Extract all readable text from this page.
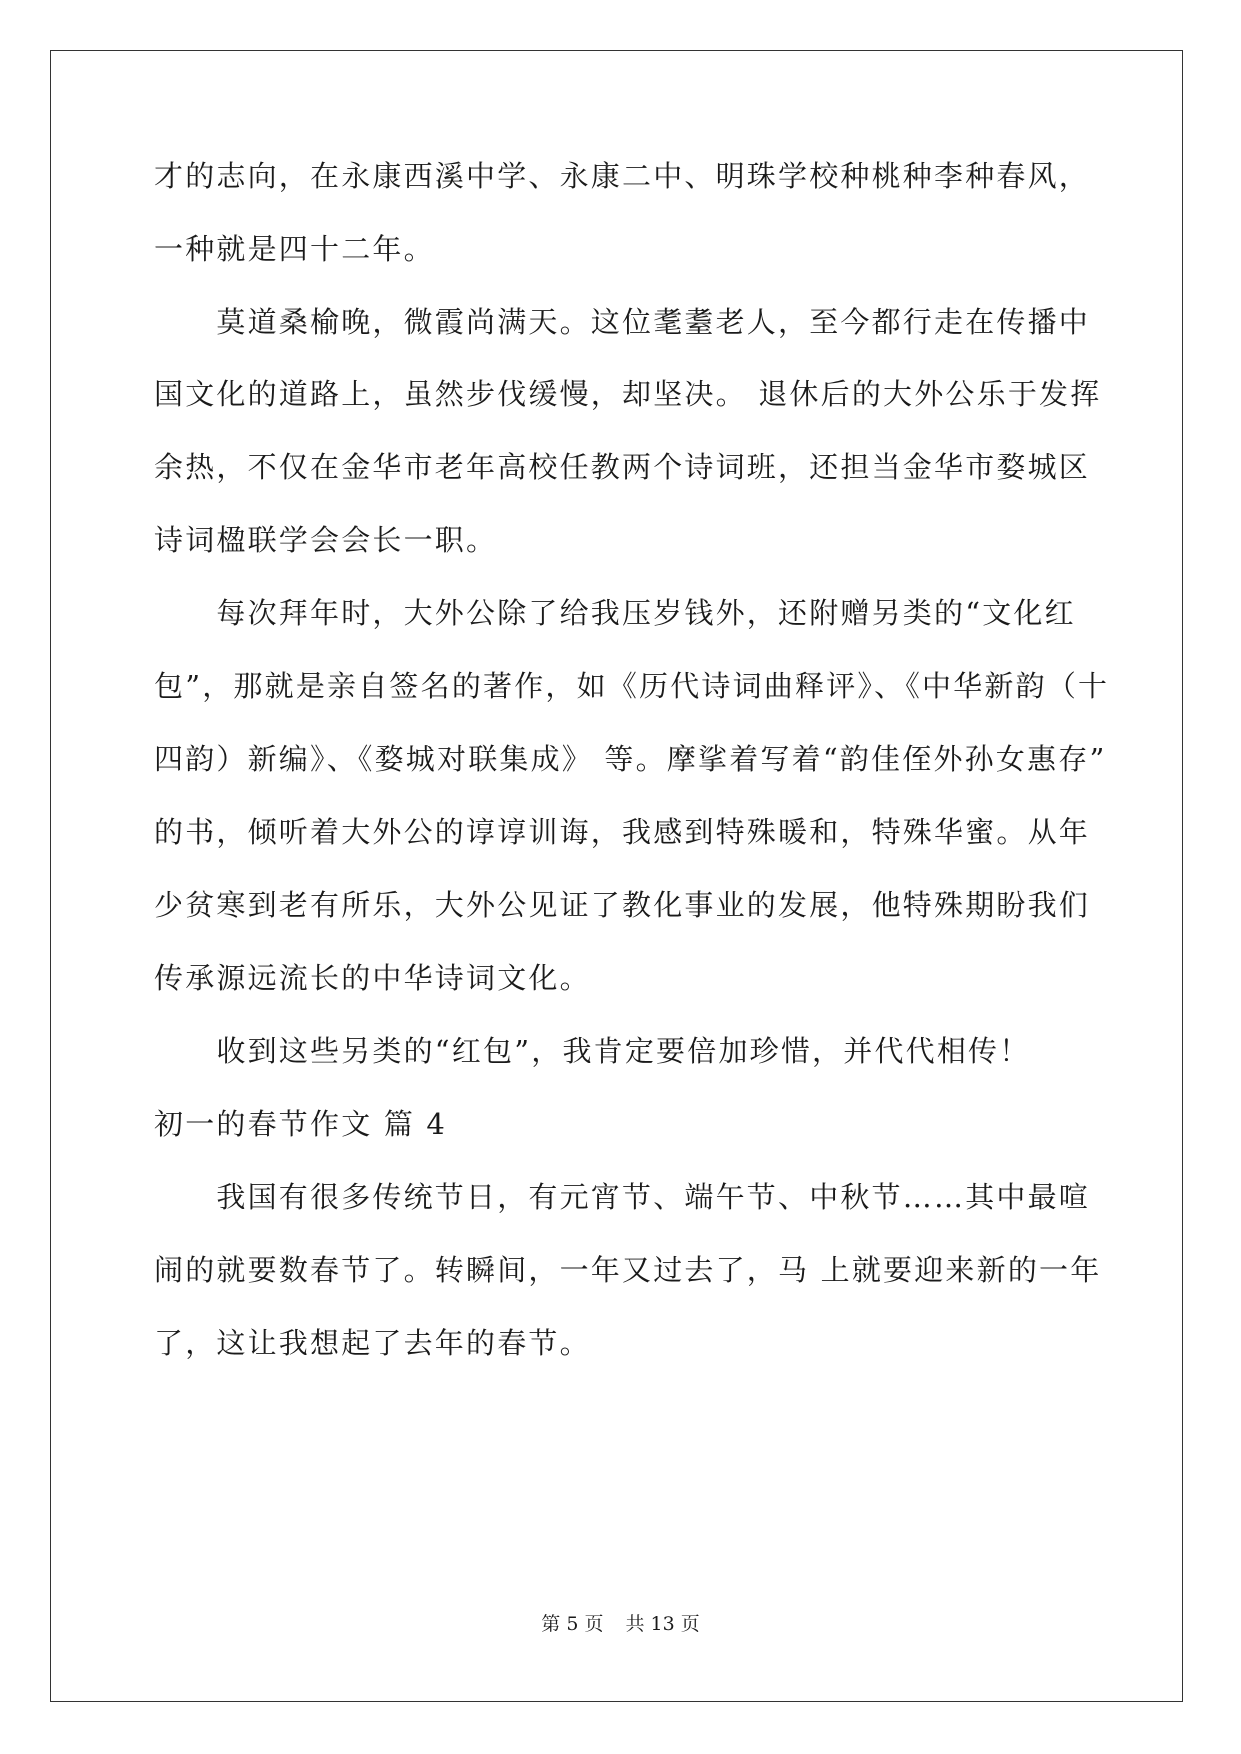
才的志向，在永康西溪中学、永康二中、明珠学校种桃种李种春风，
一种就是四十二年。
　　莫道桑榆晚，微霞尚满天。这位耄耋老人，至今都行走在传播中
国文化的道路上，虽然步伐缓慢，却坚决。 退休后的大外公乐于发挥
余热，不仅在金华市老年高校任教两个诗词班，还担当金华市婺城区
诗词楹联学会会长一职。
　　每次拜年时，大外公除了给我压岁钱外，还附赠另类的“文化红
包”，那就是亲自签名的著作，如《历代诗词曲释评》、《中华新韵（十
四韵）新编》、《婺城对联集成》 等。摩挲着写着“韵佳侄外孙女惠存”
的书，倾听着大外公的谆谆训诲，我感到特殊暖和，特殊华蜜。从年
少贫寒到老有所乐，大外公见证了教化事业的发展，他特殊期盼我们
传承源远流长的中华诗词文化。
　　收到这些另类的“红包”，我肯定要倍加珍惜，并代代相传！
初一的春节作文 篇 4
　　我国有很多传统节日，有元宵节、端午节、中秋节……其中最喧
闹的就要数春节了。转瞬间，一年又过去了，马 上就要迎来新的一年
了，这让我想起了去年的春节。
第 5 页 共 13 页
